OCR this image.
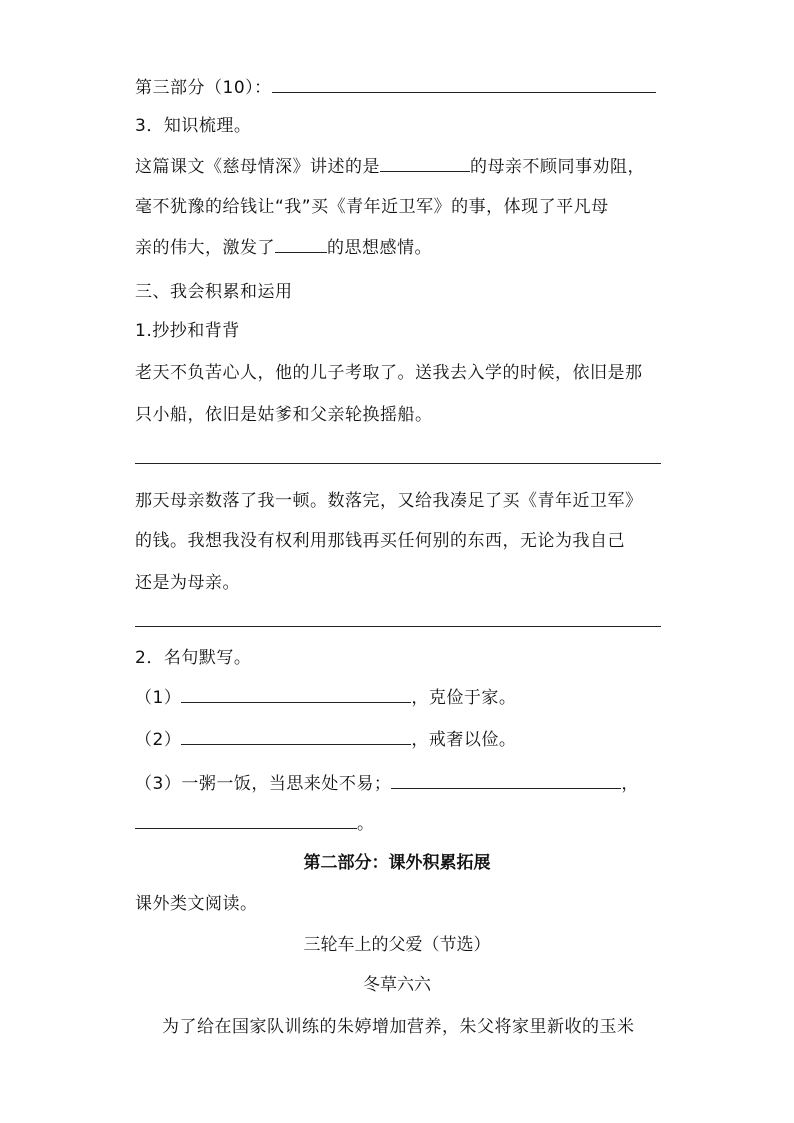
第三部分（10）：
3．知识梳理。
这篇课文《慈母情深》讲述的是	的母亲不顾同事劝阻，
毫不犹豫的给钱让“我”买《青年近卫军》的事，体现了平凡母
亲的伟大，激发了	的思想感情。
三、我会积累和运用
1.抄抄和背背
老天不负苦心人，他的儿子考取了。送我去入学的时候，依旧是那
只小船，依旧是姑爹和父亲轮换摇船。
那天母亲数落了我一顿。数落完，又给我凑足了买《青年近卫军》
的钱。我想我没有权利用那钱再买任何别的东西，无论为我自己
还是为母亲。
2．名句默写。
（1）	，克俭于家。
（2）	，戒奢以俭。
（3）一粥一饭，当思来处不易；	，
。
第二部分：课外积累拓展
课外类文阅读。
三轮车上的父爱（节选）
冬草六六
为了给在国家队训练的朱婷增加营养，朱父将家里新收的玉米
